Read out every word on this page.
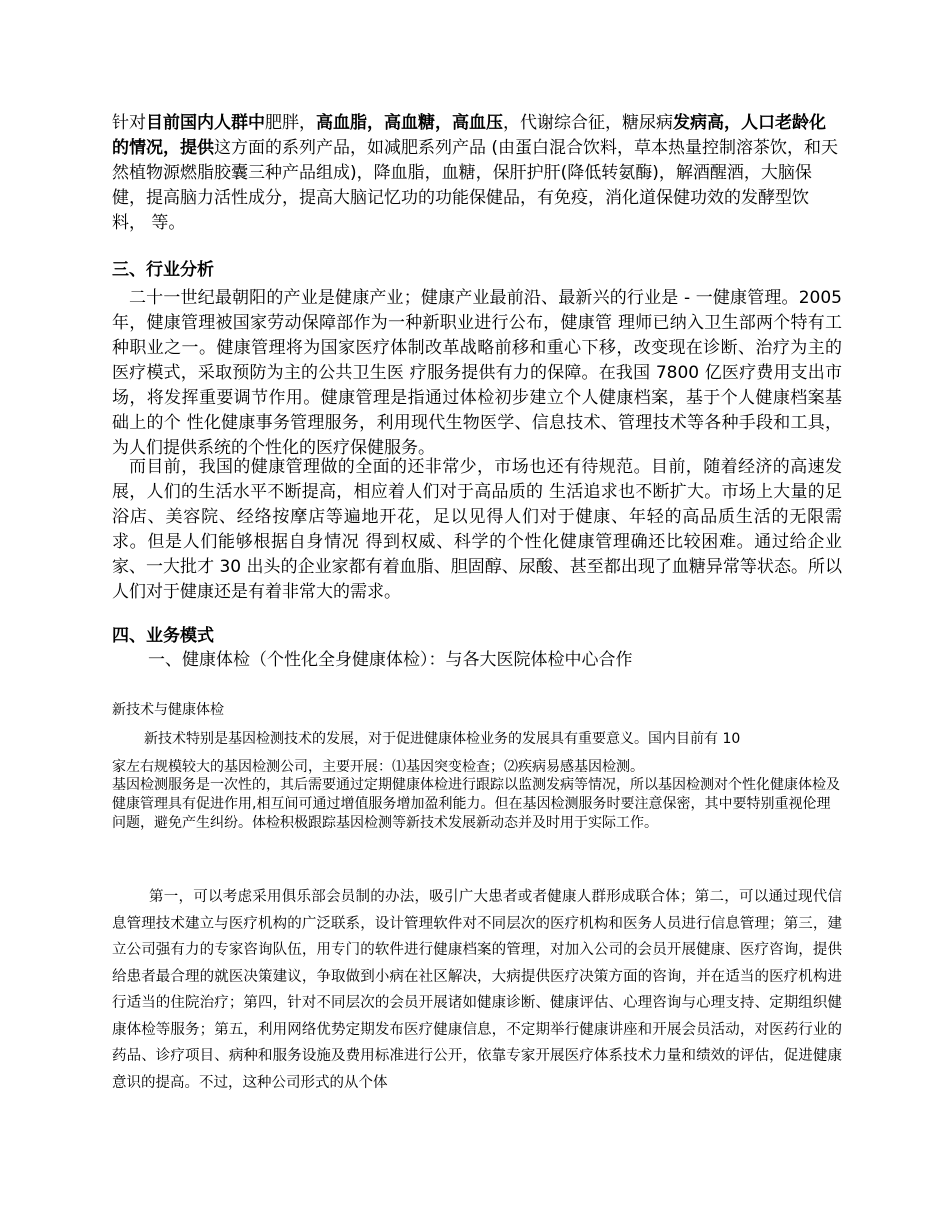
针对目前国内人群中肥胖，高血脂，高血糖，高血压，代谢综合征，糖尿病发病高，人口老龄化的情况，提供这方面的系列产品，如减肥系列产品 (由蛋白混合饮料，草本热量控制溶茶饮，和天然植物源燃脂胶囊三种产品组成)，降血脂，血糖，保肝护肝(降低转氨酶)，解酒醒酒，大脑保健，提高脑力活性成分，提高大脑记忆功的功能保健品，有免疫，消化道保健功效的发酵型饮料， 等。

三、行业分析

二十一世纪最朝阳的产业是健康产业；健康产业最前沿、最新兴的行业是 - 一健康管理。2005 年，健康管理被国家劳动保障部作为一种新职业进行公布，健康管 理师已纳入卫生部两个特有工种职业之一。健康管理将为国家医疗体制改革战略前移和重心下移，改变现在诊断、治疗为主的医疗模式，采取预防为主的公共卫生医 疗服务提供有力的保障。在我国 7800 亿医疗费用支出市场，将发挥重要调节作用。健康管理是指通过体检初步建立个人健康档案，基于个人健康档案基础上的个 性化健康事务管理服务，利用现代生物医学、信息技术、管理技术等各种手段和工具，为人们提供系统的个性化的医疗保健服务。

而目前，我国的健康管理做的全面的还非常少，市场也还有待规范。目前，随着经济的高速发展，人们的生活水平不断提高，相应着人们对于高品质的 生活追求也不断扩大。市场上大量的足浴店、美容院、经络按摩店等遍地开花，足以见得人们对于健康、年轻的高品质生活的无限需求。但是人们能够根据自身情况 得到权威、科学的个性化健康管理确还比较困难。通过给企业家、一大批才 30 出头的企业家都有着血脂、胆固醇、尿酸、甚至都出现了血糖异常等状态。所以人们对于健康还是有着非常大的需求。

四、业务模式
一、健康体检（个性化全身健康体检）：与各大医院体检中心合作
新技术与健康体检
新技术特别是基因检测技术的发展，对于促进健康体检业务的发展具有重要意义。国内目前有 10
家左右规模较大的基因检测公司，主要开展：⑴基因突变检查；⑵疾病易感基因检测。

基因检测服务是一次性的，其后需要通过定期健康体检进行跟踪以监测发病等情况，所以基因检测对个性化健康体检及健康管理具有促进作用,相互间可通过增值服务增加盈利能力。但在基因检测服务时要注意保密，其中要特别重视伦理问题，避免产生纠纷。体检积极跟踪基因检测等新技术发展新动态并及时用于实际工作。

第一，可以考虑采用俱乐部会员制的办法，吸引广大患者或者健康人群形成联合体；第二，可以通过现代信息管理技术建立与医疗机构的广泛联系，设计管理软件对不同层次的医疗机构和医务人员进行信息管理；第三，建立公司强有力的专家咨询队伍，用专门的软件进行健康档案的管理，对加入公司的会员开展健康、医疗咨询，提供给患者最合理的就医决策建议，争取做到小病在社区解决，大病提供医疗决策方面的咨询，并在适当的医疗机构进行适当的住院治疗；第四，针对不同层次的会员开展诸如健康诊断、健康评估、心理咨询与心理支持、定期组织健康体检等服务；第五，利用网络优势定期发布医疗健康信息，不定期举行健康讲座和开展会员活动，对医药行业的药品、诊疗项目、病种和服务设施及费用标准进行公开，依靠专家开展医疗体系技术力量和绩效的评估，促进健康意识的提高。不过，这种公司形式的从个体
